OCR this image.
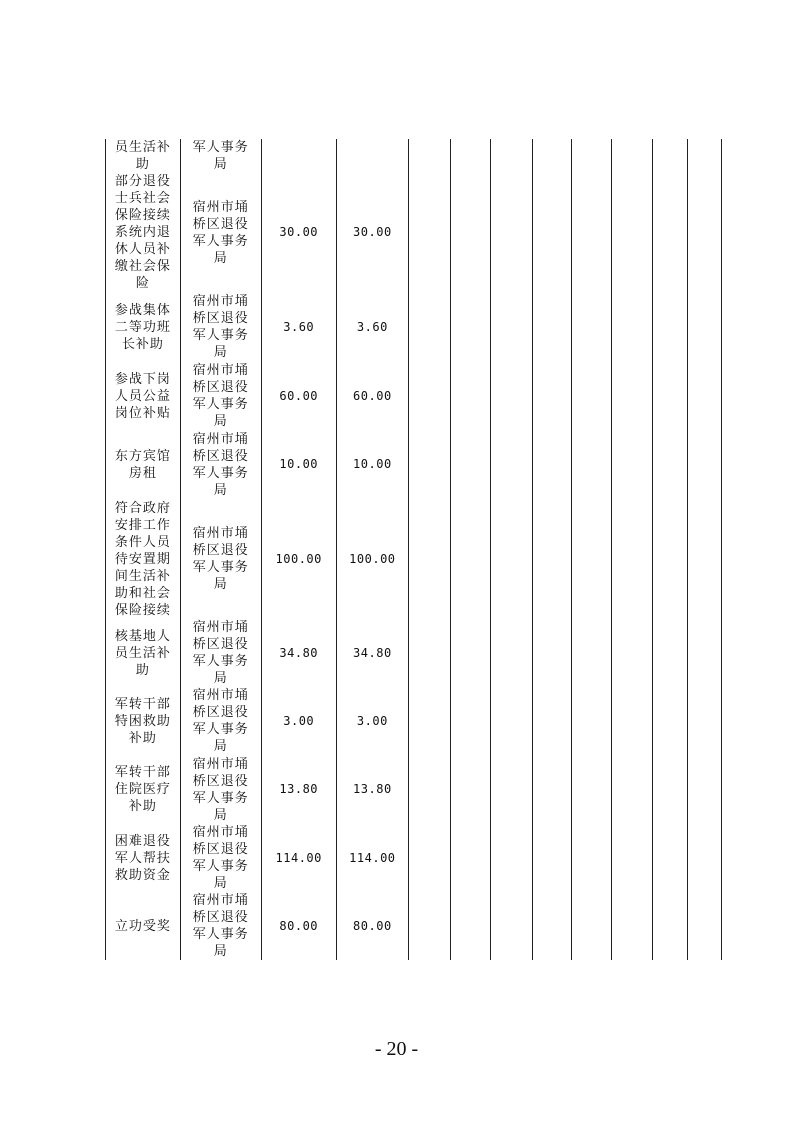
员生活补助	军人事务局										
部分退役士兵社会保险接续系统内退休人员补缴社会保险	宿州市埇桥区退役军人事务局	30.00	30.00								
参战集体二等功班长补助	宿州市埇桥区退役军人事务局	3.60	3.60								
参战下岗人员公益岗位补贴	宿州市埇桥区退役军人事务局	60.00	60.00								
东方宾馆房租	宿州市埇桥区退役军人事务局	10.00	10.00								
符合政府安排工作条件人员待安置期间生活补助和社会保险接续	宿州市埇桥区退役军人事务局	100.00	100.00								
核基地人员生活补助	宿州市埇桥区退役军人事务局	34.80	34.80								
军转干部特困救助补助	宿州市埇桥区退役军人事务局	3.00	3.00								
军转干部住院医疗补助	宿州市埇桥区退役军人事务局	13.80	13.80								
困难退役军人帮扶救助资金	宿州市埇桥区退役军人事务局	114.00	114.00								
立功受奖	宿州市埇桥区退役军人事务局	80.00	80.00								
- 20 -
